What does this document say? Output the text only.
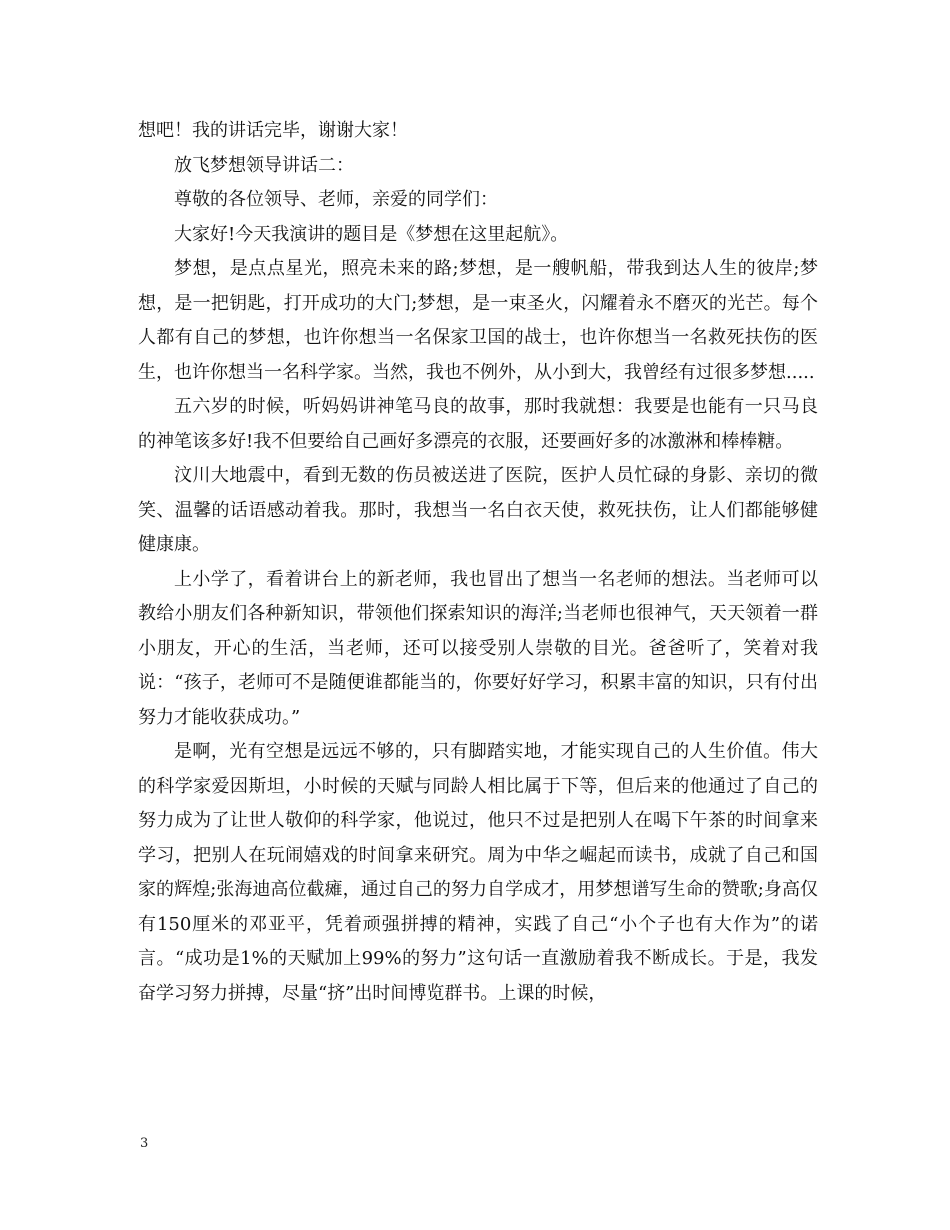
想吧！我的讲话完毕，谢谢大家！

放飞梦想领导讲话二：

尊敬的各位领导、老师，亲爱的同学们：

大家好!今天我演讲的题目是《梦想在这里起航》。

梦想，是点点星光，照亮未来的路;梦想，是一艘帆船，带我到达人生的彼岸;梦想，是一把钥匙，打开成功的大门;梦想，是一束圣火，闪耀着永不磨灭的光芒。每个人都有自己的梦想，也许你想当一名保家卫国的战士，也许你想当一名救死扶伤的医生，也许你想当一名科学家。当然，我也不例外，从小到大，我曾经有过很多梦想.....

五六岁的时候，听妈妈讲神笔马良的故事，那时我就想：我要是也能有一只马良的神笔该多好!我不但要给自己画好多漂亮的衣服，还要画好多的冰激淋和棒棒糖。

汶川大地震中，看到无数的伤员被送进了医院，医护人员忙碌的身影、亲切的微笑、温馨的话语感动着我。那时，我想当一名白衣天使，救死扶伤，让人们都能够健健康康。

上小学了，看着讲台上的新老师，我也冒出了想当一名老师的想法。当老师可以教给小朋友们各种新知识，带领他们探索知识的海洋;当老师也很神气，天天领着一群小朋友，开心的生活，当老师，还可以接受别人崇敬的目光。爸爸听了，笑着对我说：“孩子，老师可不是随便谁都能当的，你要好好学习，积累丰富的知识，只有付出努力才能收获成功。”

是啊，光有空想是远远不够的，只有脚踏实地，才能实现自己的人生价值。伟大的科学家爱因斯坦，小时候的天赋与同龄人相比属于下等，但后来的他通过了自己的努力成为了让世人敬仰的科学家，他说过，他只不过是把别人在喝下午茶的时间拿来学习，把别人在玩闹嬉戏的时间拿来研究。周为中华之崛起而读书，成就了自己和国家的辉煌;张海迪高位截瘫，通过自己的努力自学成才，用梦想谱写生命的赞歌;身高仅有150厘米的邓亚平，凭着顽强拼搏的精神，实践了自己“小个子也有大作为”的诺言。“成功是1%的天赋加上99%的努力”这句话一直激励着我不断成长。于是，我发奋学习努力拼搏，尽量“挤”出时间博览群书。上课的时候，

3
